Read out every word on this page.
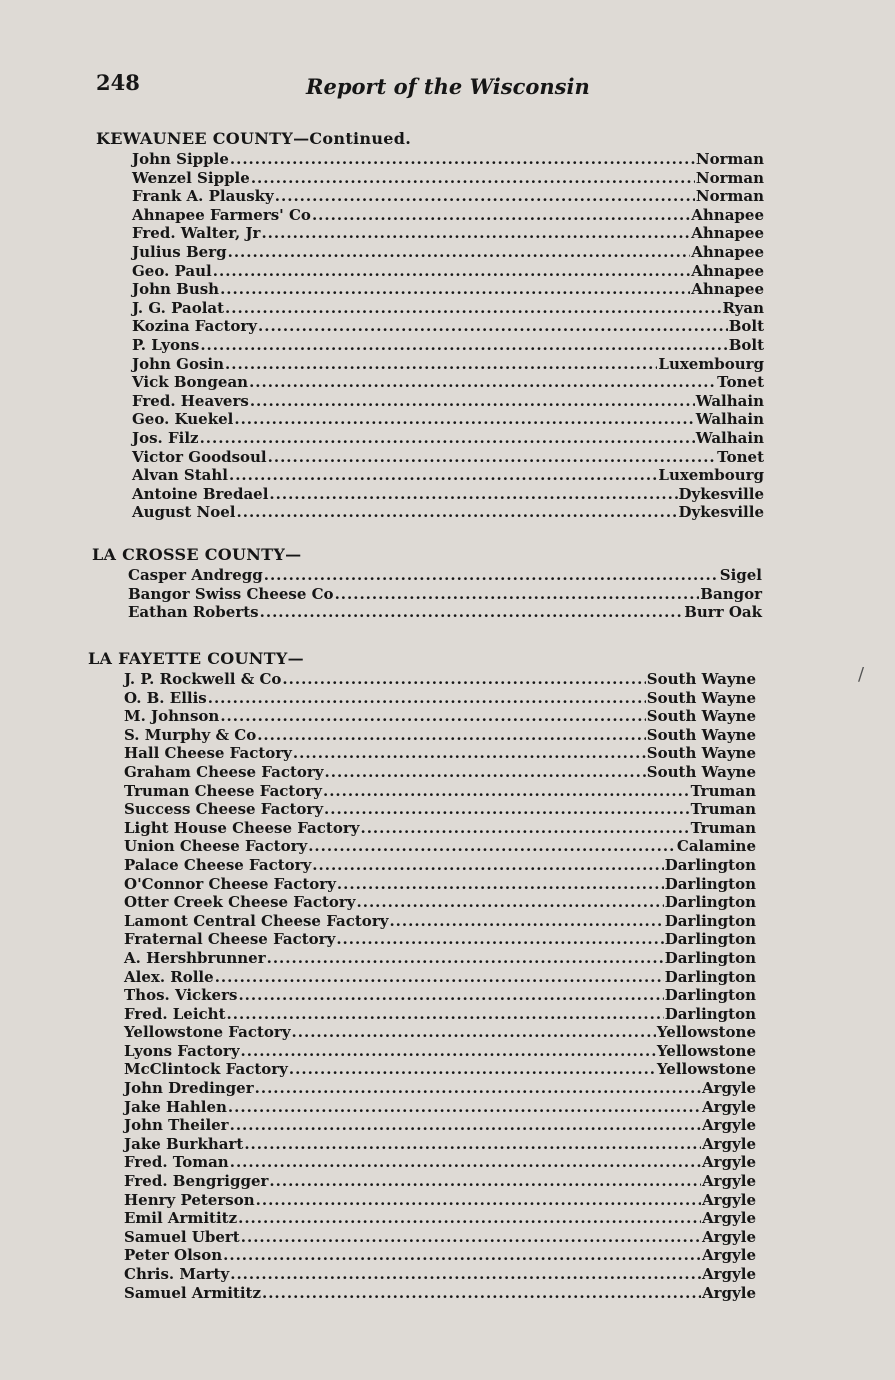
248	Report of the Wisconsin
KEWAUNEE COUNTY—Continued.
John Sipple .....	Norman
Wenzel Sipple .....	Norman
Frank A. Plausky .....	Norman
Ahnapee Farmers' Co .....	Ahnapee
Fred. Walter, Jr .....	Ahnapee
Julius Berg .....	Ahnapee
Geo. Paul .....	Ahnapee
John Bush .....	Ahnapee
J. G. Paolat .....	Ryan
Kozina Factory .....	Bolt
P. Lyons .....	Bolt
John Gosin .....	Luxembourg
Vick Bongean .....	Tonet
Fred. Heavers .....	Walhain
Geo. Kuekel .....	Walhain
Jos. Filz .....	Walhain
Victor Goodsoul .....	Tonet
Alvan Stahl .....	Luxembourg
Antoine Bredael .....	Dykesville
August Noel .....	Dykesville
LA CROSSE COUNTY—
Casper Andregg .....	Sigel
Bangor Swiss Cheese Co .....	Bangor
Eathan Roberts .....	Burr Oak
LA FAYETTE COUNTY—
J. P. Rockwell & Co .....	South Wayne
O. B. Ellis .....	South Wayne
M. Johnson .....	South Wayne
S. Murphy & Co .....	South Wayne
Hall Cheese Factory .....	South Wayne
Graham Cheese Factory .....	South Wayne
Truman Cheese Factory .....	Truman
Success Cheese Factory .....	Truman
Light House Cheese Factory .....	Truman
Union Cheese Factory .....	Calamine
Palace Cheese Factory .....	Darlington
O'Connor Cheese Factory .....	Darlington
Otter Creek Cheese Factory .....	Darlington
Lamont Central Cheese Factory .....	Darlington
Fraternal Cheese Factory .....	Darlington
A. Hershbrunner .....	Darlington
Alex. Rolle .....	Darlington
Thos. Vickers .....	Darlington
Fred. Leicht .....	Darlington
Yellowstone Factory .....	Yellowstone
Lyons Factory .....	Yellowstone
McClintock Factory .....	Yellowstone
John Dredinger .....	Argyle
Jake Hahlen .....	Argyle
John Theiler .....	Argyle
Jake Burkhart .....	Argyle
Fred. Toman .....	Argyle
Fred. Bengrigger .....	Argyle
Henry Peterson .....	Argyle
Emil Armititz .....	Argyle
Samuel Ubert .....	Argyle
Peter Olson .....	Argyle
Chris. Marty .....	Argyle
Samuel Armititz .....	Argyle
/
